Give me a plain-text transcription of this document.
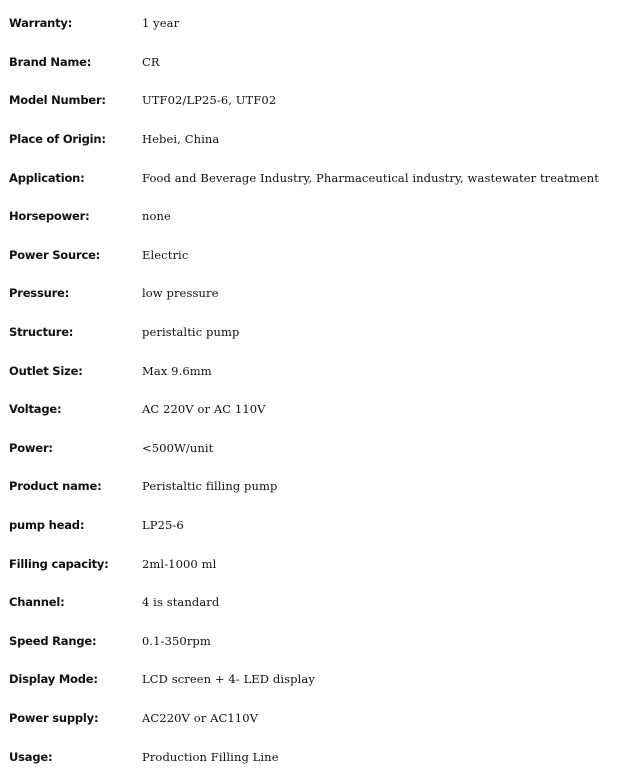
Warranty:	1 year
Brand Name:	CR
Model Number:	UTF02/LP25-6, UTF02
Place of Origin:	Hebei, China
Application:	Food and Beverage Industry, Pharmaceutical industry, wastewater treatment
Horsepower:	none
Power Source:	Electric
Pressure:	low pressure
Structure:	peristaltic pump
Outlet Size:	Max 9.6mm
Voltage:	AC 220V or AC 110V
Power:	<500W/unit
Product name:	Peristaltic filling pump
pump head:	LP25-6
Filling capacity:	2ml-1000 ml
Channel:	4 is standard
Speed Range:	0.1-350rpm
Display Mode:	LCD screen + 4- LED display
Power supply:	AC220V or AC110V
Usage:	Production Filling Line
